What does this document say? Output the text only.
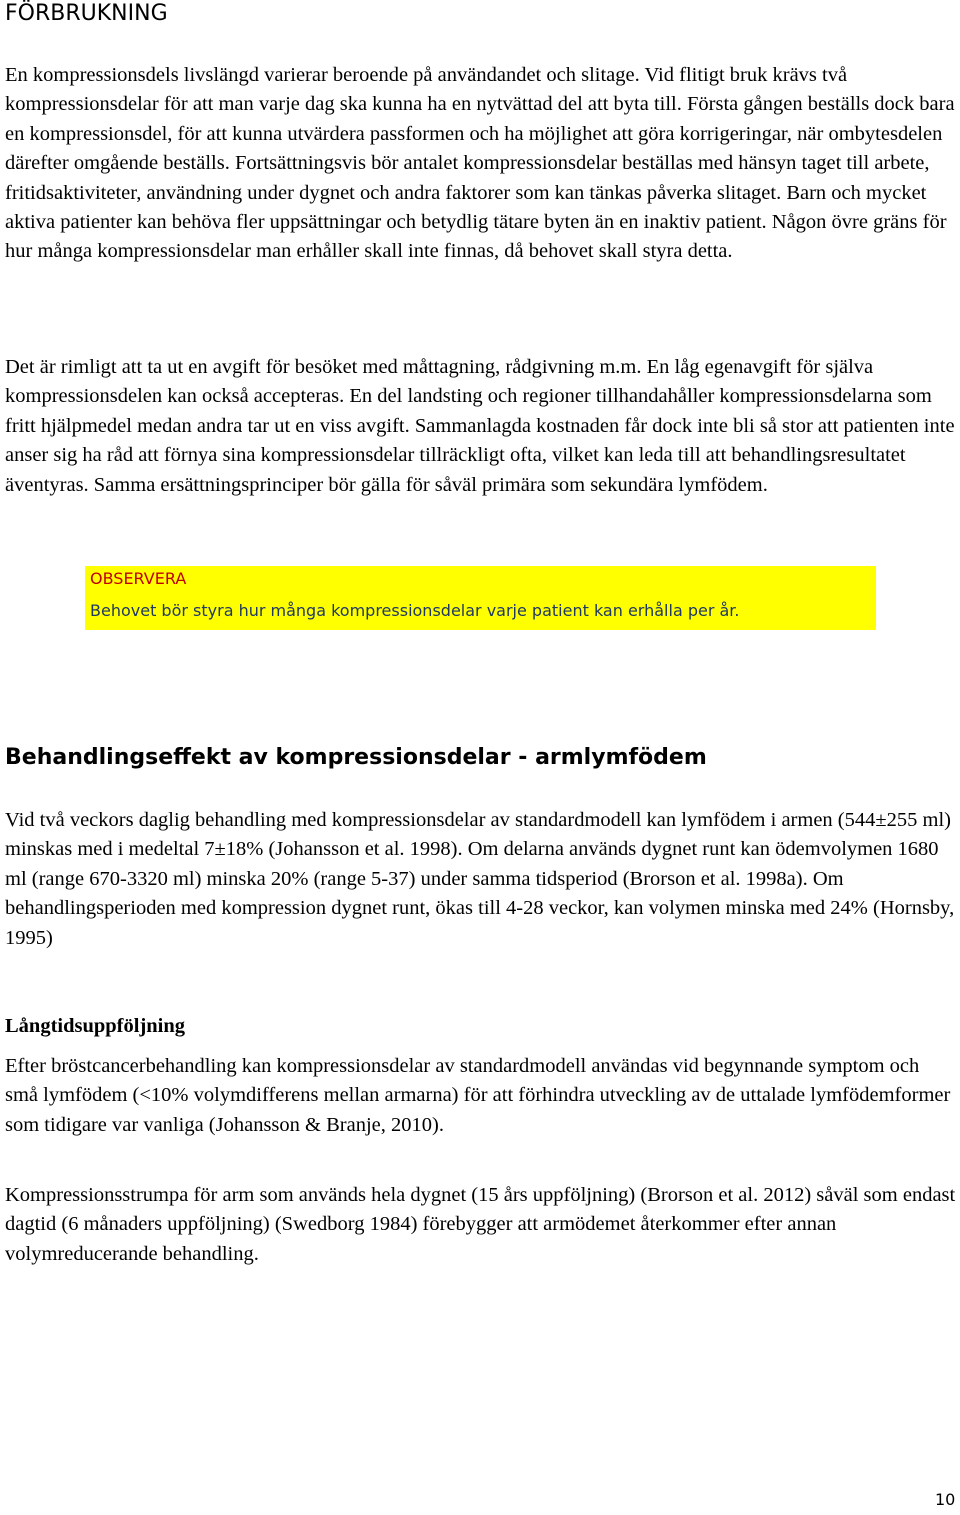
FÖRBRUKNING

En kompressionsdels livslängd varierar beroende på användandet och slitage. Vid flitigt bruk krävs två kompressionsdelar för att man varje dag ska kunna ha en nytvättad del att byta till. Första gången beställs dock bara en kompressionsdel, för att kunna utvärdera passformen och ha möjlighet att göra korrigeringar, när ombytesdelen därefter omgående beställs. Fortsättningsvis bör antalet kompressionsdelar beställas med hänsyn taget till arbete, fritidsaktiviteter, användning under dygnet och andra faktorer som kan tänkas påverka slitaget. Barn och mycket aktiva patienter kan behöva fler uppsättningar och betydlig tätare byten än en inaktiv patient. Någon övre gräns för hur många kompressionsdelar man erhåller skall inte finnas, då behovet skall styra detta.

Det är rimligt att ta ut en avgift för besöket med måttagning, rådgivning m.m. En låg egenavgift för själva kompressionsdelen kan också accepteras. En del landsting och regioner tillhandahåller kompressionsdelarna som fritt hjälpmedel medan andra tar ut en viss avgift. Sammanlagda kostnaden får dock inte bli så stor att patienten inte anser sig ha råd att förnya sina kompressionsdelar tillräckligt ofta, vilket kan leda till att behandlingsresultatet äventyras. Samma ersättningsprinciper bör gälla för såväl primära som sekundära lymfödem.

OBSERVERA
Behovet bör styra hur många kompressionsdelar varje patient kan erhålla per år.
Behandlingseffekt av kompressionsdelar - armlymfödem

Vid två veckors daglig behandling med kompressionsdelar av standardmodell kan lymfödem i armen (544±255 ml) minskas med i medeltal 7±18% (Johansson et al. 1998). Om delarna används dygnet runt kan ödemvolymen 1680 ml (range 670-3320 ml) minska 20% (range 5-37) under samma tidsperiod (Brorson et al. 1998a). Om behandlingsperioden med kompression dygnet runt, ökas till 4-28 veckor, kan volymen minska med 24% (Hornsby, 1995)

Långtidsuppföljning

Efter bröstcancerbehandling kan kompressionsdelar av standardmodell användas vid begynnande symptom och små lymfödem (<10% volymdifferens mellan armarna) för att förhindra utveckling av de uttalade lymfödemformer som tidigare var vanliga (Johansson & Branje, 2010).

Kompressionsstrumpa för arm som används hela dygnet (15 års uppföljning) (Brorson et al. 2012) såväl som endast dagtid (6 månaders uppföljning) (Swedborg 1984) förebygger att armödemet återkommer efter annan volymreducerande behandling.

10
